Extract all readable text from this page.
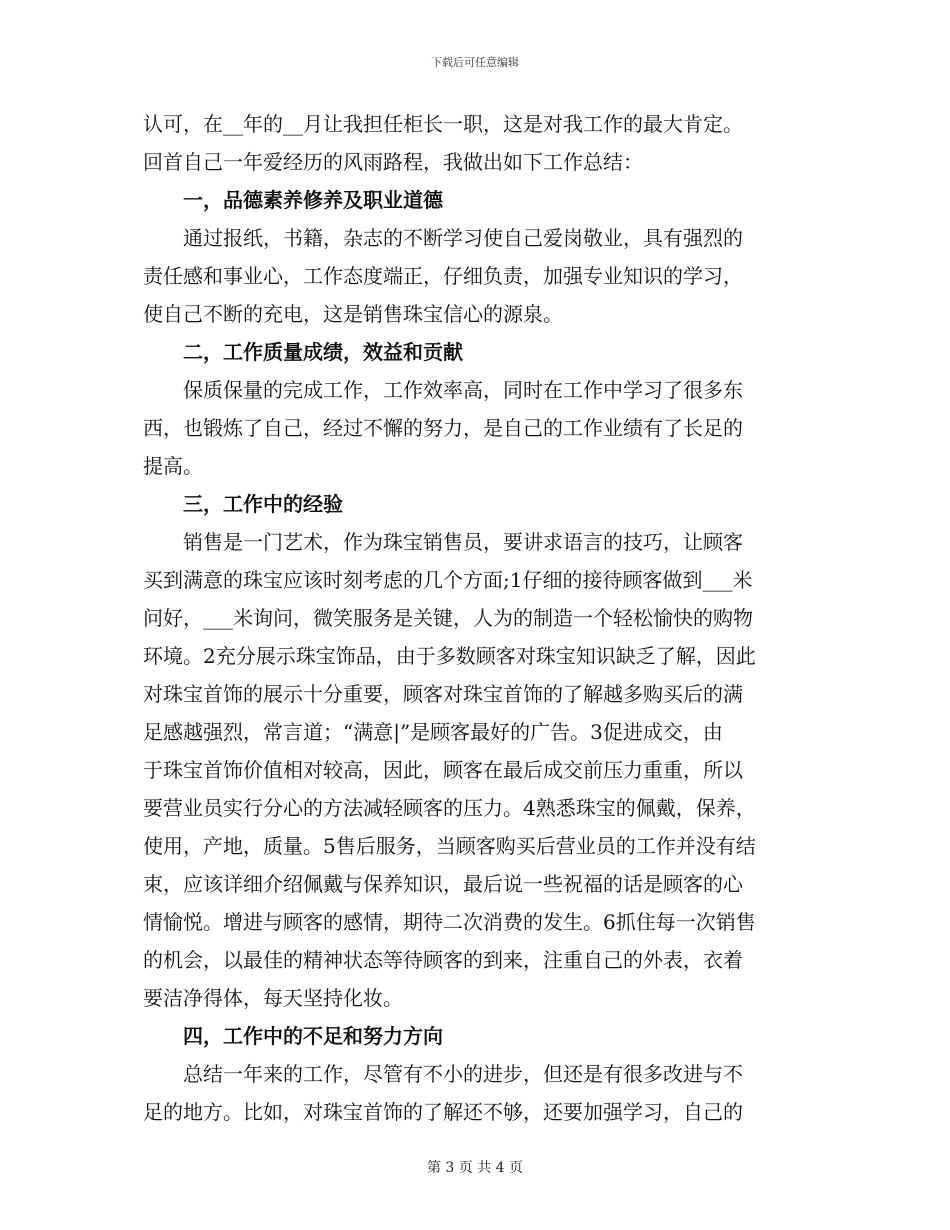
下载后可任意编辑
认可，在__年的__月让我担任柜长一职，这是对我工作的最大肯定。
回首自己一年爱经历的风雨路程，我做出如下工作总结：
一，品德素养修养及职业道德
通过报纸，书籍，杂志的不断学习使自己爱岗敬业，具有强烈的
责任感和事业心，工作态度端正，仔细负责，加强专业知识的学习，
使自己不断的充电，这是销售珠宝信心的源泉。
二，工作质量成绩，效益和贡献
保质保量的完成工作，工作效率高，同时在工作中学习了很多东
西，也锻炼了自己，经过不懈的努力，是自己的工作业绩有了长足的
提高。
三，工作中的经验
销售是一门艺术，作为珠宝销售员，要讲求语言的技巧，让顾客
买到满意的珠宝应该时刻考虑的几个方面;1仔细的接待顾客做到___米
问好，___米询问，微笑服务是关键，人为的制造一个轻松愉快的购物
环境。2充分展示珠宝饰品，由于多数顾客对珠宝知识缺乏了解，因此
对珠宝首饰的展示十分重要，顾客对珠宝首饰的了解越多购买后的满
足感越强烈，常言道；“满意|”是顾客最好的广告。3促进成交，由
于珠宝首饰价值相对较高，因此，顾客在最后成交前压力重重，所以
要营业员实行分心的方法减轻顾客的压力。4熟悉珠宝的佩戴，保养，
使用，产地，质量。5售后服务，当顾客购买后营业员的工作并没有结
束，应该详细介绍佩戴与保养知识，最后说一些祝福的话是顾客的心
情愉悦。增进与顾客的感情，期待二次消费的发生。6抓住每一次销售
的机会，以最佳的精神状态等待顾客的到来，注重自己的外表，衣着
要洁净得体，每天坚持化妆。
四，工作中的不足和努力方向
总结一年来的工作，尽管有不小的进步，但还是有很多改进与不
足的地方。比如，对珠宝首饰的了解还不够，还要加强学习，自己的
第 3 页 共 4 页
